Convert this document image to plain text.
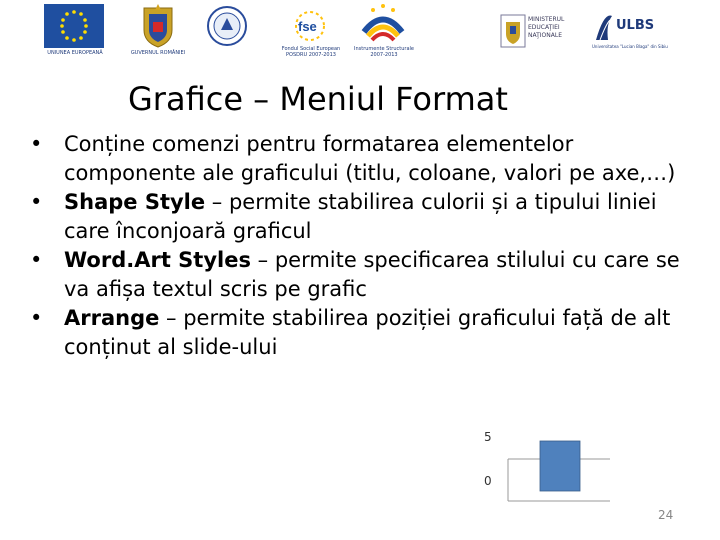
UNIUNEA EUROPEANĂ	GUVERNUL ROMÂNIEI
fse
Fondul Social European POSDRU 2007-2013
Instrumente Structurale 2007-2013
MINISTERUL
EDUCAŢIEI
NAŢIONALE
ULBS
Universitatea "Lucian Blaga" din Sibiu
Grafice – Meniul Format
• Conține comenzi pentru formatarea elementelor componente ale graficului (titlu, coloane, valori pe axe,…)
• Shape Style – permite stabilirea culorii și a tipului liniei care înconjoară graficul
• Word.Art Styles – permite specificarea stilului cu care se va afișa textul scris pe grafic
• Arrange – permite stabilirea poziției graficului față de alt conținut al slide-ului
5
0
24
